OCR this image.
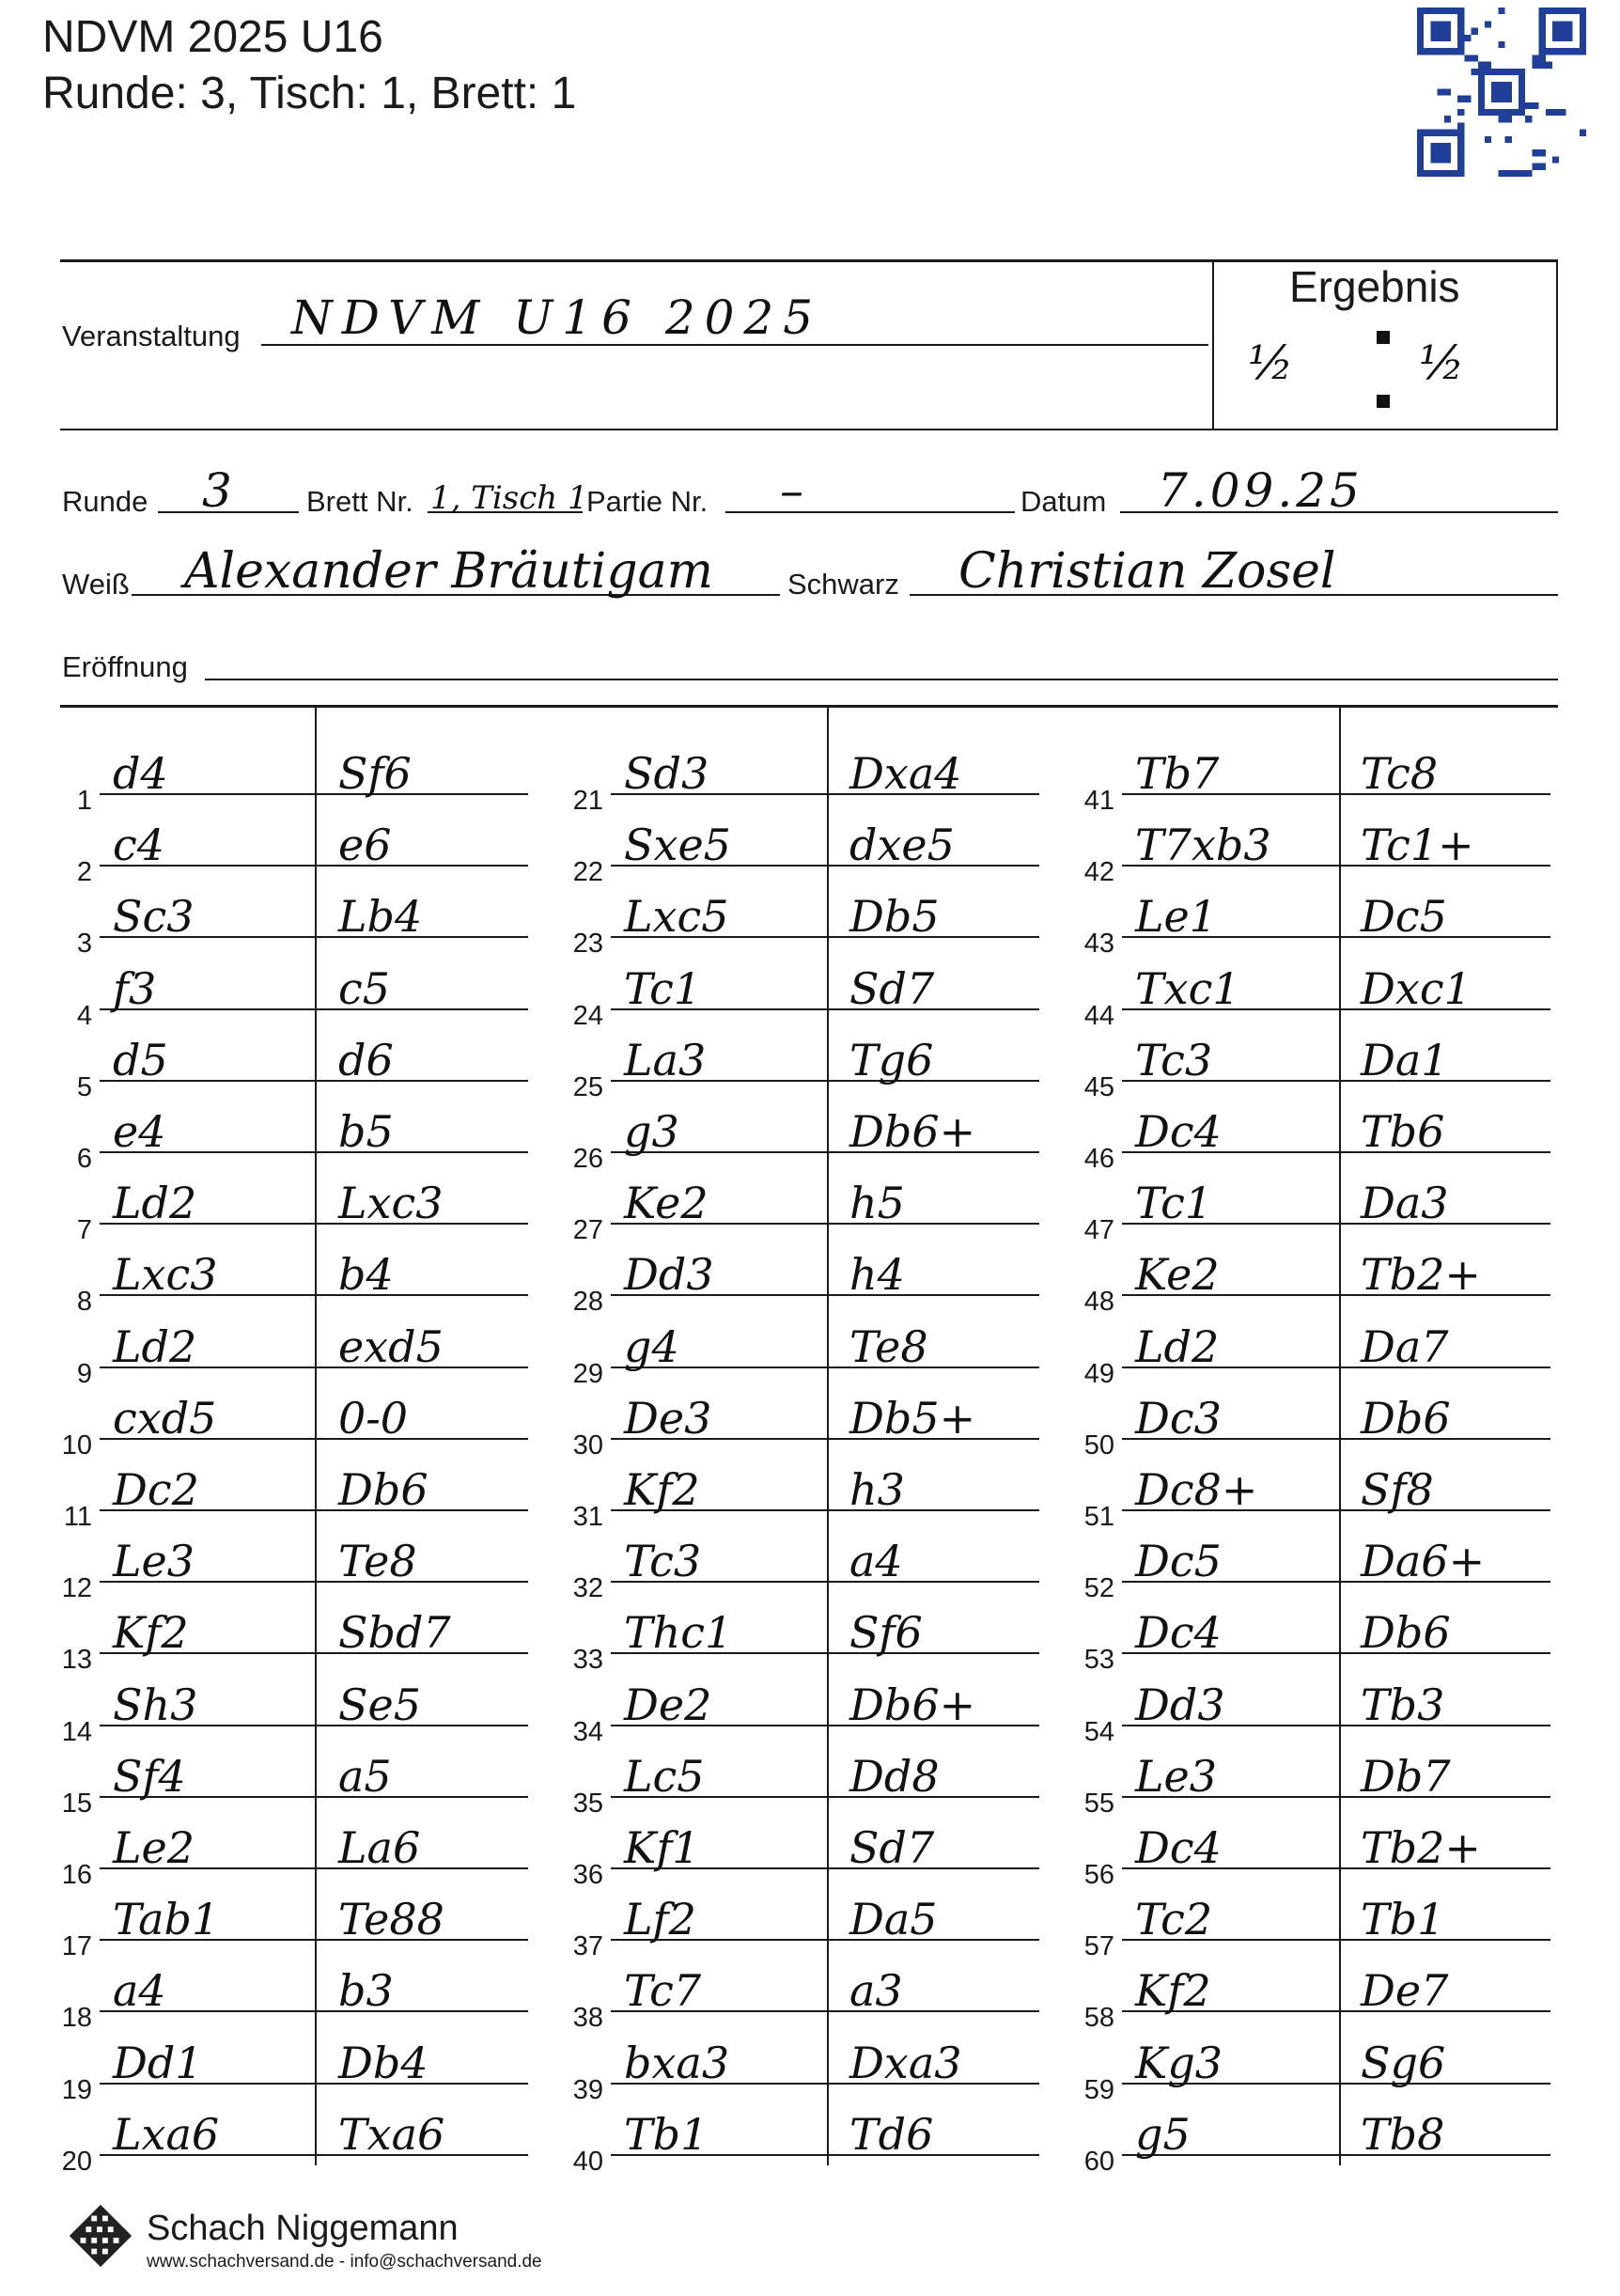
NDVM 2025 U16
Runde: 3, Tisch: 1, Brett: 1
Veranstaltung NDVM U16 2025
Ergebnis
½	½
Runde 3	Brett Nr. 1, Tisch 1
Partie Nr. –	Datum 7.09.25
Weiß Alexander Bräutigam	Schwarz Christian Zosel
Eröffnung
1
d4	Sf6
2
c4	e6
3
Sc3	Lb4
4
f3	c5
5
d5	d6
6
e4	b5
7
Ld2	Lxc3
8
Lxc3	b4
9
Ld2	exd5
10
cxd5	0-0
11
Dc2	Db6
12
Le3	Te8
13
Kf2	Sbd7
14
Sh3	Se5
15
Sf4	a5
16
Le2	La6
17
Tab1	Te88
18
a4	b3
19
Dd1	Db4
20
Lxa6	Txa6
21
Sd3	Dxa4
22
Sxe5	dxe5
23
Lxc5	Db5
24
Tc1	Sd7
25
La3	Tg6
26
g3	Db6+
27
Ke2	h5
28
Dd3	h4
29
g4	Te8
30
De3	Db5+
31
Kf2	h3
32
Tc3	a4
33
Thc1	Sf6
34
De2	Db6+
35
Lc5	Dd8
36
Kf1	Sd7
37
Lf2	Da5
38
Tc7	a3
39
bxa3	Dxa3
40
Tb1	Td6
41
Tb7	Tc8
42
T7xb3 Tc1+
43
Le1	Dc5
44
Txc1	Dxc1
45
Tc3	Da1
46
Dc4	Tb6
47
Tc1	Da3
48
Ke2	Tb2+
49
Ld2	Da7
50
Dc3	Db6
51
Dc8+ Sf8
52
Dc5	Da6+
53
Dc4	Db6
54
Dd3	Tb3
55
Le3	Db7
56
Dc4	Tb2+
57
Tc2	Tb1
58
Kf2	De7
59
Kg3	Sg6
60
g5	Tb8
Schach Niggemann
www.schachversand.de - info@schachversand.de
